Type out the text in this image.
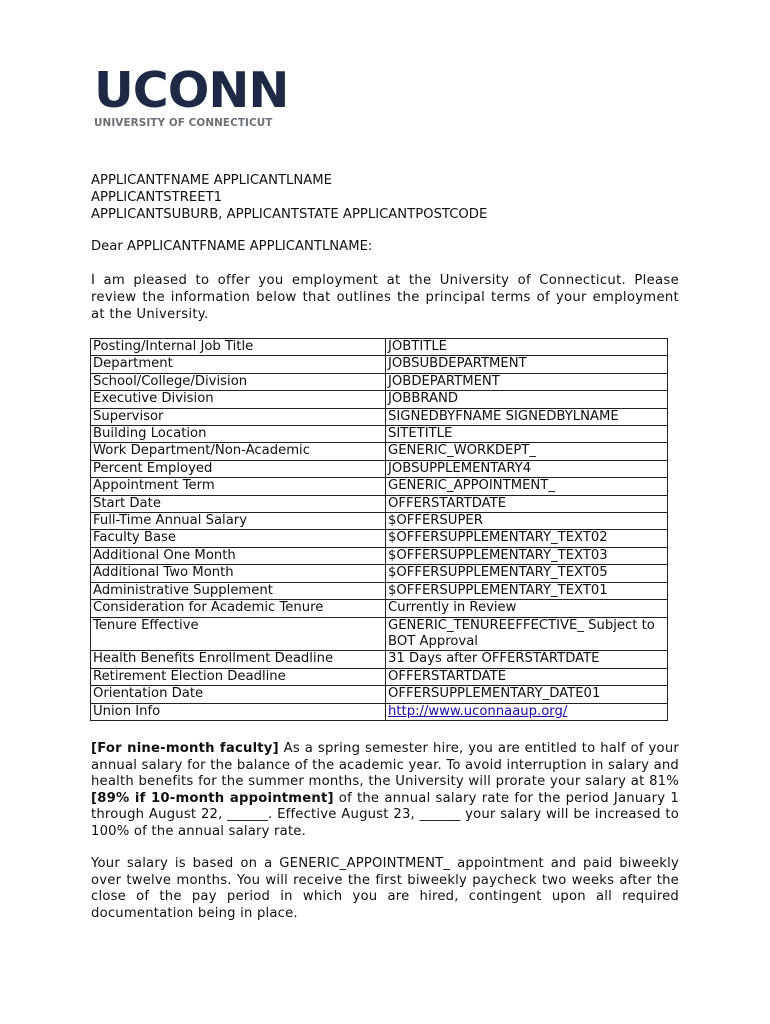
UCONN
UNIVERSITY OF CONNECTICUT
APPLICANTFNAME APPLICANTLNAME
APPLICANTSTREET1
APPLICANTSUBURB, APPLICANTSTATE APPLICANTPOSTCODE
Dear APPLICANTFNAME APPLICANTLNAME:
I am pleased to offer you employment at the University of Connecticut. Please review the information below that outlines the principal terms of your employment at the University.
Posting/Internal Job Title	JOBTITLE
Department	JOBSUBDEPARTMENT
School/College/Division	JOBDEPARTMENT
Executive Division	JOBBRAND
Supervisor	SIGNEDBYFNAME SIGNEDBYLNAME
Building Location	SITETITLE
Work Department/Non-Academic	GENERIC_WORKDEPT_
Percent Employed	JOBSUPPLEMENTARY4
Appointment Term	GENERIC_APPOINTMENT_
Start Date	OFFERSTARTDATE
Full-Time Annual Salary	$OFFERSUPER
Faculty Base	$OFFERSUPPLEMENTARY_TEXT02
Additional One Month	$OFFERSUPPLEMENTARY_TEXT03
Additional Two Month	$OFFERSUPPLEMENTARY_TEXT05
Administrative Supplement	$OFFERSUPPLEMENTARY_TEXT01
Consideration for Academic Tenure	Currently in Review
Tenure Effective	GENERIC_TENUREEFFECTIVE_ Subject to BOT Approval
Health Benefits Enrollment Deadline	31 Days after OFFERSTARTDATE
Retirement Election Deadline	OFFERSTARTDATE
Orientation Date	OFFERSUPPLEMENTARY_DATE01
Union Info	http://www.uconnaaup.org/
[For nine-month faculty] As a spring semester hire, you are entitled to half of your annual salary for the balance of the academic year. To avoid interruption in salary and health benefits for the summer months, the University will prorate your salary at 81% [89% if 10-month appointment] of the annual salary rate for the period January 1 through August 22, ______. Effective August 23, ______ your salary will be increased to 100% of the annual salary rate.
Your salary is based on a GENERIC_APPOINTMENT_ appointment and paid biweekly over twelve months. You will receive the first biweekly paycheck two weeks after the close of the pay period in which you are hired, contingent upon all required documentation being in place.
